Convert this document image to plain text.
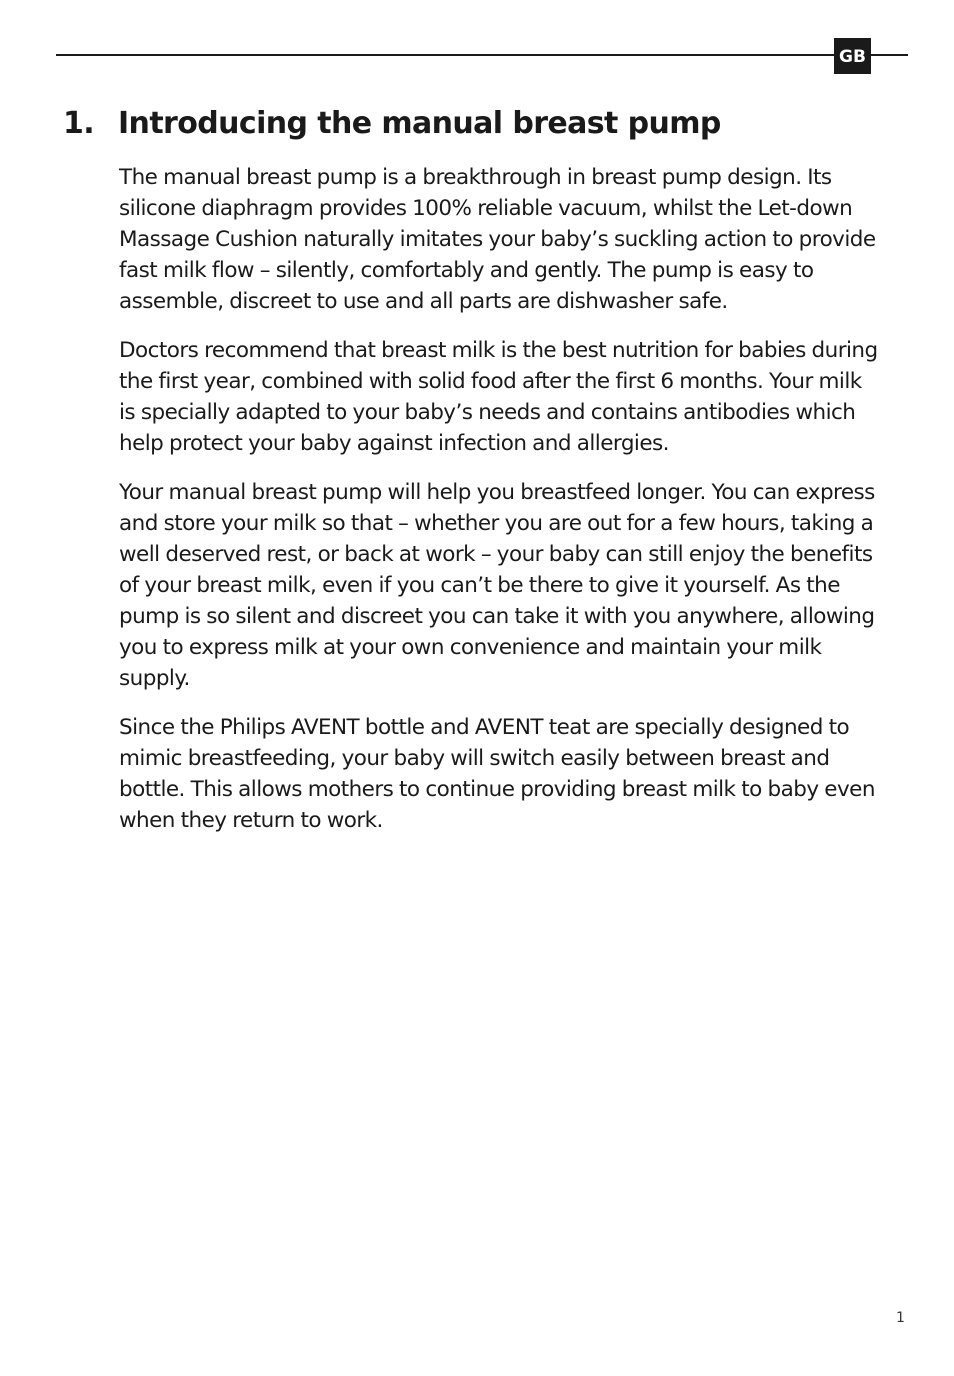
GB
1. Introducing the manual breast pump

The manual breast pump is a breakthrough in breast pump design. Its silicone diaphragm provides 100% reliable vacuum, whilst the Let-down Massage Cushion naturally imitates your baby’s suckling action to provide fast milk flow – silently, comfortably and gently. The pump is easy to assemble, discreet to use and all parts are dishwasher safe.

Doctors recommend that breast milk is the best nutrition for babies during the first year, combined with solid food after the first 6 months. Your milk is specially adapted to your baby’s needs and contains antibodies which help protect your baby against infection and allergies.

Your manual breast pump will help you breastfeed longer. You can express and store your milk so that – whether you are out for a few hours, taking a well deserved rest, or back at work – your baby can still enjoy the benefits of your breast milk, even if you can’t be there to give it yourself. As the pump is so silent and discreet you can take it with you anywhere, allowing you to express milk at your own convenience and maintain your milk supply.

Since the Philips AVENT bottle and AVENT teat are specially designed to mimic breastfeeding, your baby will switch easily between breast and bottle. This allows mothers to continue providing breast milk to baby even when they return to work.

1
